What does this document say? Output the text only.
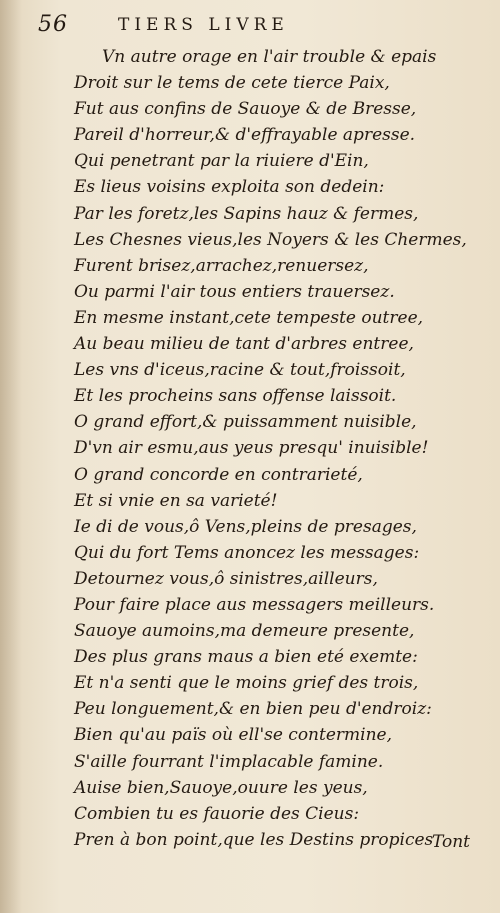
56	TIERS LIVRE
Vn autre orage en l'air trouble & epais
Droit sur le tems de cete tierce Paix,
Fut aus confins de Sauoye & de Bresse,
Pareil d'horreur,& d'effrayable apresse.
Qui penetrant par la riuiere d'Ein,
Es lieus voisins exploita son dedein:
Par les foretz,les Sapins hauz & fermes,
Les Chesnes vieus,les Noyers & les Chermes,
Furent brisez,arrachez,renuersez,
Ou parmi l'air tous entiers trauersez.
En mesme instant,cete tempeste outree,
Au beau milieu de tant d'arbres entree,
Les vns d'iceus,racine & tout,froissoit,
Et les procheins sans offense laissoit.
O grand effort,& puissamment nuisible,
D'vn air esmu,aus yeus presqu' inuisible!
O grand concorde en contrarieté,
Et si vnie en sa varieté!
Ie di de vous,ô Vens,pleins de presages,
Qui du fort Tems anoncez les messages:
Detournez vous,ô sinistres,ailleurs,
Pour faire place aus messagers meilleurs.
Sauoye aumoins,ma demeure presente,
Des plus grans maus a bien eté exemte:
Et n'a senti que le moins grief des trois,
Peu longuement,& en bien peu d'endroiz:
Bien qu'au païs où ell'se contermine,
S'aille fourrant l'implacable famine.
Auise bien,Sauoye,ouure les yeus,
Combien tu es fauorie des Cieus:
Pren à bon point,que les Destins propices
Tont
